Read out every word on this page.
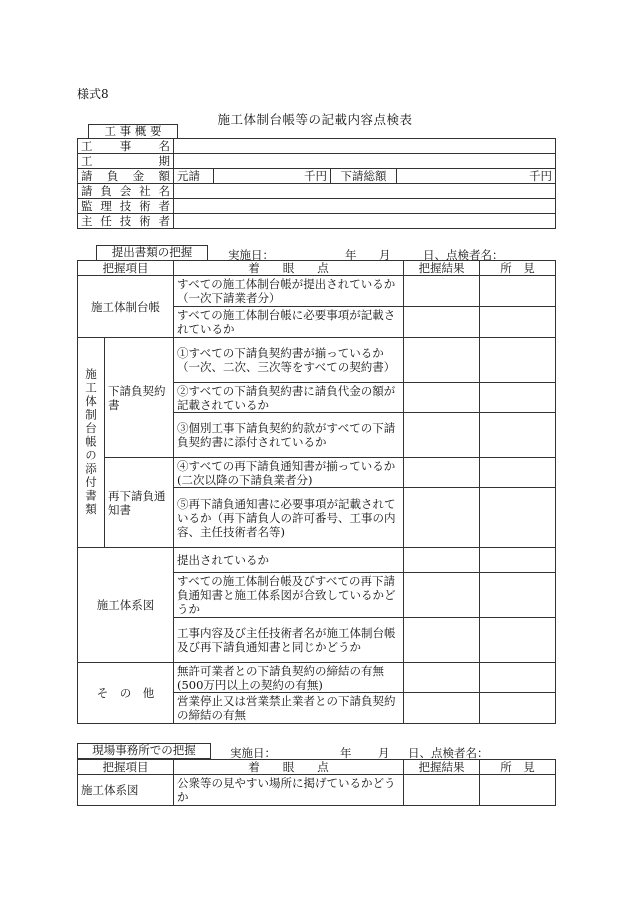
様式8
施工体制台帳等の記載内容点検表
工 事 概 要
工事名				
工期				
請負金額	元請	千円	下請総額	千円
請負会社名				
監理技術者				
主任技術者				
提出書類の把握	実施日：	年 月	日、点検者名：
把握項目		着　　眼　　点	把握結果	所　見
施工体制台帳		すべての施工体制台帳が提出されているか（一次下請業者分）		
		すべての施工体制台帳に必要事項が記載されているか		
施工体制台帳の添付書類	下請負契約書	①すべての下請負契約書が揃っているか（一次、二次、三次等をすべての契約書）		
		②すべての下請負契約書に請負代金の額が記載されているか		
		③個別工事下請負契約約款がすべての下請負契約書に添付されているか		
	再下請負通知書	④すべての再下請負通知書が揃っているか(二次以降の下請負業者分)		
		⑤再下請負通知書に必要事項が記載されているか（再下請負人の許可番号、工事の内容、主任技術者名等)		
施工体系図		提出されているか		
		すべての施工体制台帳及びすべての再下請負通知書と施工体系図が合致しているかどうか		
		工事内容及び主任技術者名が施工体制台帳及び再下請負通知書と同じかどうか		
そ　の　他		無許可業者との下請負契約の締結の有無(500万円以上の契約の有無)		
		営業停止又は営業禁止業者との下請負契約の締結の有無		
現場事務所での把握	実施日：	年 月 日、点検者名：
把握項目	着　　眼　　点	把握結果	所　見
施工体系図	公衆等の見やすい場所に掲げているかどうか		
